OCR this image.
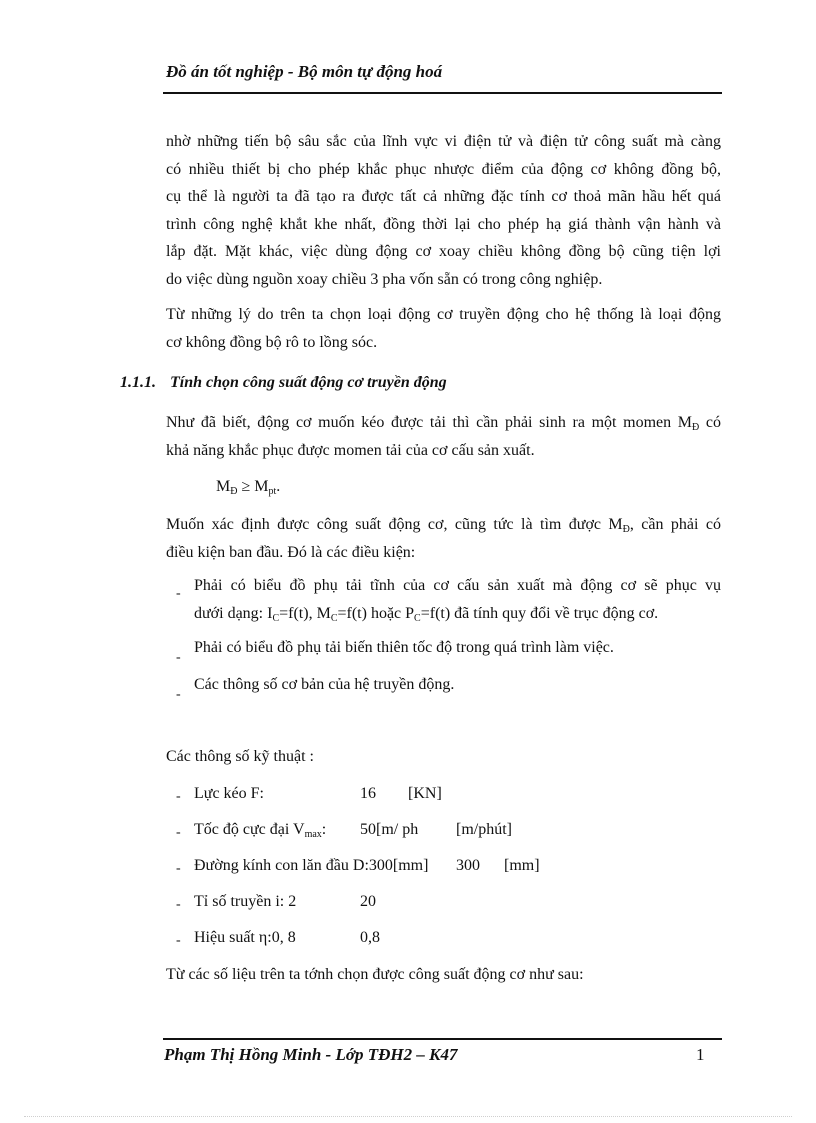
Đồ án tốt nghiệp - Bộ môn tự động hoá
nhờ những tiến bộ sâu sắc của lĩnh vực vi điện tử và điện tử công suất mà càng
có nhiều thiết bị cho phép khắc phục nhược điểm của động cơ không đồng bộ,
cụ thể là người ta đã tạo ra được tất cả những đặc tính cơ thoả mãn hầu hết quá
trình công nghệ khắt khe nhất, đồng thời lại cho phép hạ giá thành vận hành và
lắp đặt. Mặt khác, việc dùng động cơ xoay chiều không đồng bộ cũng tiện lợi
do việc dùng nguồn xoay chiều 3 pha vốn sẵn có trong công nghiệp.
Từ những lý do trên ta chọn loại động cơ truyền động cho hệ thống là loại động
cơ không đồng bộ rô to lồng sóc.
1.1.1. Tính chọn công suất động cơ truyền động
Như đã biết, động cơ muốn kéo được tải thì cần phải sinh ra một momen $M_Đ$ có
khả năng khắc phục được momen tải của cơ cấu sản xuất.
$M_Đ \ge M_{pt}$.
Muốn xác định được công suất động cơ, cũng tức là tìm được $M_Đ$, cần phải có
điều kiện ban đầu. Đó là các điều kiện:
- Phải có biểu đồ phụ tải tĩnh của cơ cấu sản xuất mà động cơ sẽ phục vụ
dưới dạng: $I_C=f(t)$, $M_C=f(t)$ hoặc $P_C=f(t)$ đã tính quy đổi về trục động cơ.
-
Phải có biểu đồ phụ tải biến thiên tốc độ trong quá trình làm việc.
-
Các thông số cơ bản của hệ truyền động.
Các thông số kỹ thuật :
- Lực kéo F:	16 [KN]
- Tốc độ cực đại $V_{max}$: 50[m/ ph [m/phút]
- Đường kính con lăn đầu D:300[mm] 300 [mm]
- Tỉ số truyền i: 2	20
- Hiệu suất η:0, 8	0,8
Từ các số liệu trên ta tớnh chọn được công suất động cơ như sau:
Phạm Thị Hồng Minh - Lớp TĐH2 – K47	1
